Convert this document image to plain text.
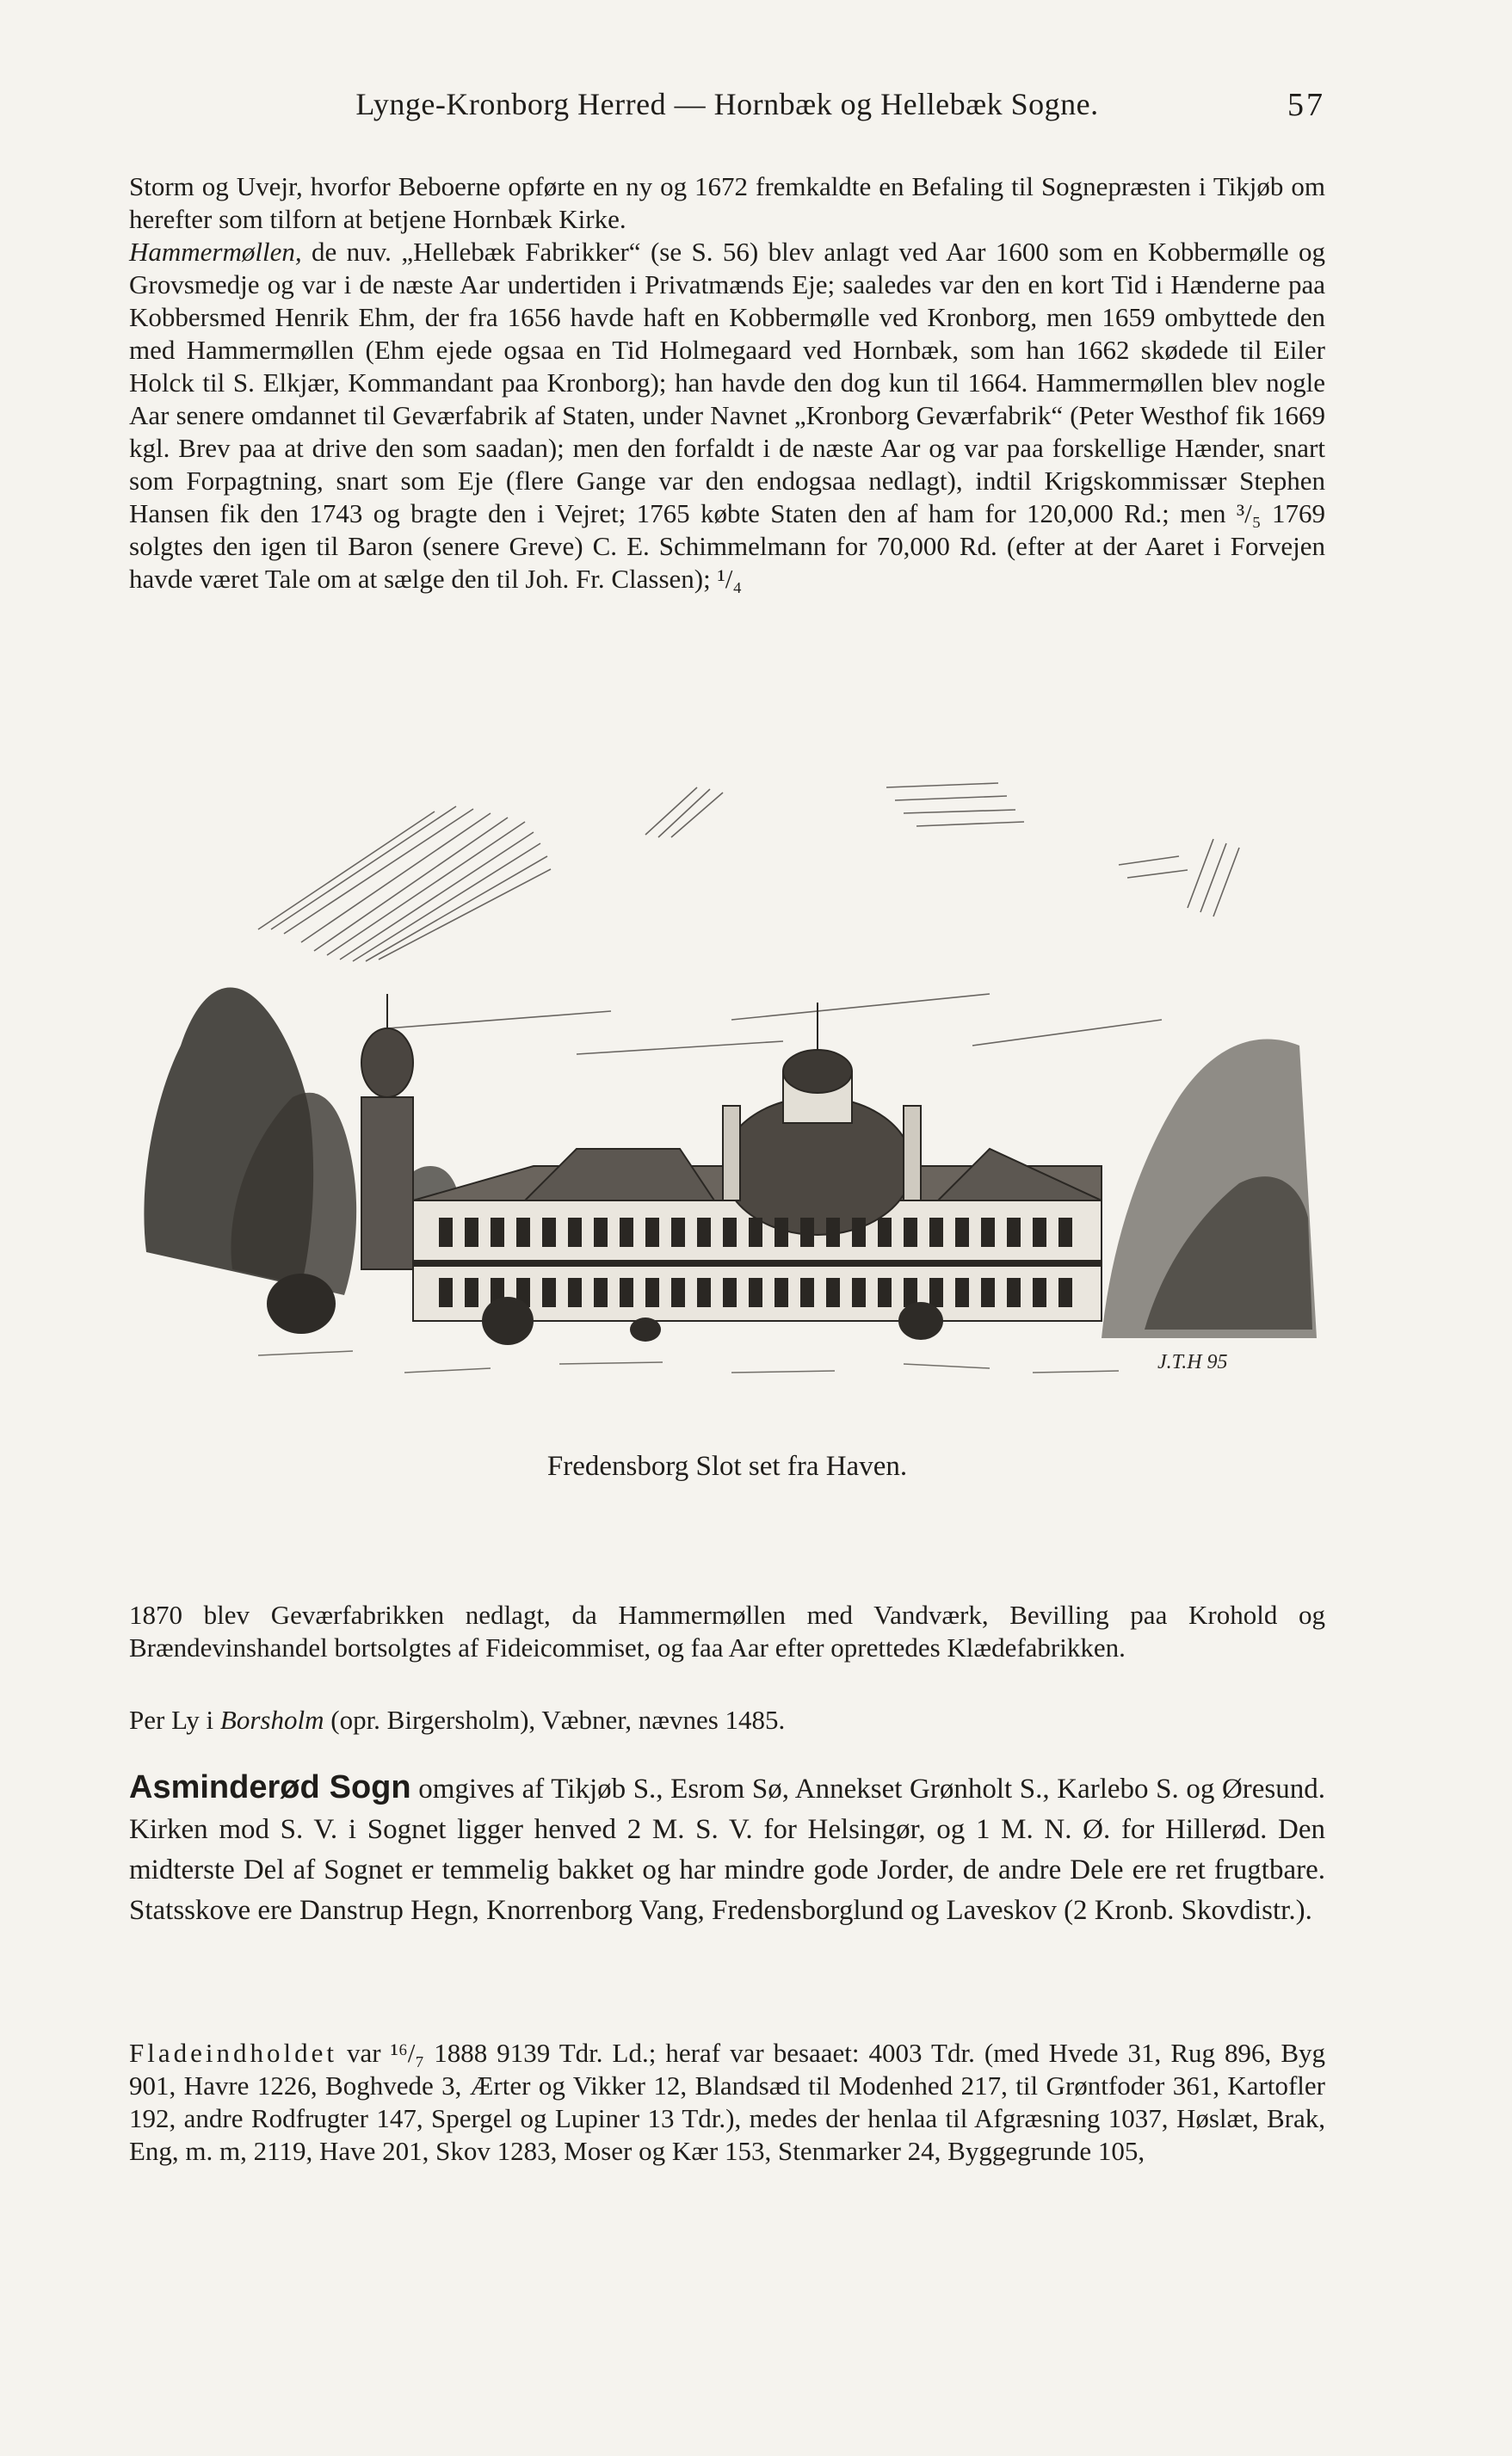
Lynge-Kronborg Herred — Hornbæk og Hellebæk Sogne.	57

Storm og Uvejr, hvorfor Beboerne opførte en ny og 1672 fremkaldte en Befaling til Sognepræsten i Tikjøb om herefter som tilforn at betjene Hornbæk Kirke.
Hammermøllen, de nuv. „Hellebæk Fabrikker“ (se S. 56) blev anlagt ved Aar 1600 som en Kobbermølle og Grovsmedje og var i de næste Aar undertiden i Privatmænds Eje; saaledes var den en kort Tid i Hænderne paa Kobbersmed Henrik Ehm, der fra 1656 havde haft en Kobbermølle ved Kronborg, men 1659 ombyttede den med Hammermøllen (Ehm ejede ogsaa en Tid Holmegaard ved Hornbæk, som han 1662 skødede til Eiler Holck til S. Elkjær, Kommandant paa Kronborg); han havde den dog kun til 1664. Hammermøllen blev nogle Aar senere omdannet til Geværfabrik af Staten, under Navnet „Kronborg Geværfabrik“ (Peter Westhof fik 1669 kgl. Brev paa at drive den som saadan); men den forfaldt i de næste Aar og var paa forskellige Hænder, snart som Forpagtning, snart som Eje (flere Gange var den endogsaa nedlagt), indtil Krigskommissær Stephen Hansen fik den 1743 og bragte den i Vejret; 1765 købte Staten den af ham for 120,000 Rd.; men ³/₅ 1769 solgtes den igen til Baron (senere Greve) C. E. Schimmelmann for 70,000 Rd. (efter at der Aaret i Forvejen havde været Tale om at sælge den til Joh. Fr. Classen); ¹/₄

J.T.H 95
Fredensborg Slot set fra Haven.

1870 blev Geværfabrikken nedlagt, da Hammermøllen med Vandværk, Bevilling paa Krohold og Brændevinshandel bortsolgtes af Fideicommiset, og faa Aar efter oprettedes Klædefabrikken.

Per Ly i Borsholm (opr. Birgersholm), Væbner, nævnes 1485.

Asminderød Sogn omgives af Tikjøb S., Esrom Sø, Annekset Grønholt S., Karlebo S. og Øresund. Kirken mod S. V. i Sognet ligger henved 2 M. S. V. for Helsingør, og 1 M. N. Ø. for Hillerød. Den midterste Del af Sognet er temmelig bakket og har mindre gode Jorder, de andre Dele ere ret frugtbare. Statsskove ere Danstrup Hegn, Knorrenborg Vang, Fredensborglund og Laveskov (2 Kronb. Skovdistr.).

Fladeindholdet var ¹⁶/₇ 1888 9139 Tdr. Ld.; heraf var besaaet: 4003 Tdr. (med Hvede 31, Rug 896, Byg 901, Havre 1226, Boghvede 3, Ærter og Vikker 12, Blandsæd til Modenhed 217, til Grøntfoder 361, Kartofler 192, andre Rodfrugter 147, Spergel og Lupiner 13 Tdr.), medes der henlaa til Afgræsning 1037, Høslæt, Brak, Eng, m. m, 2119, Have 201, Skov 1283, Moser og Kær 153, Stenmarker 24, Byggegrunde 105,
